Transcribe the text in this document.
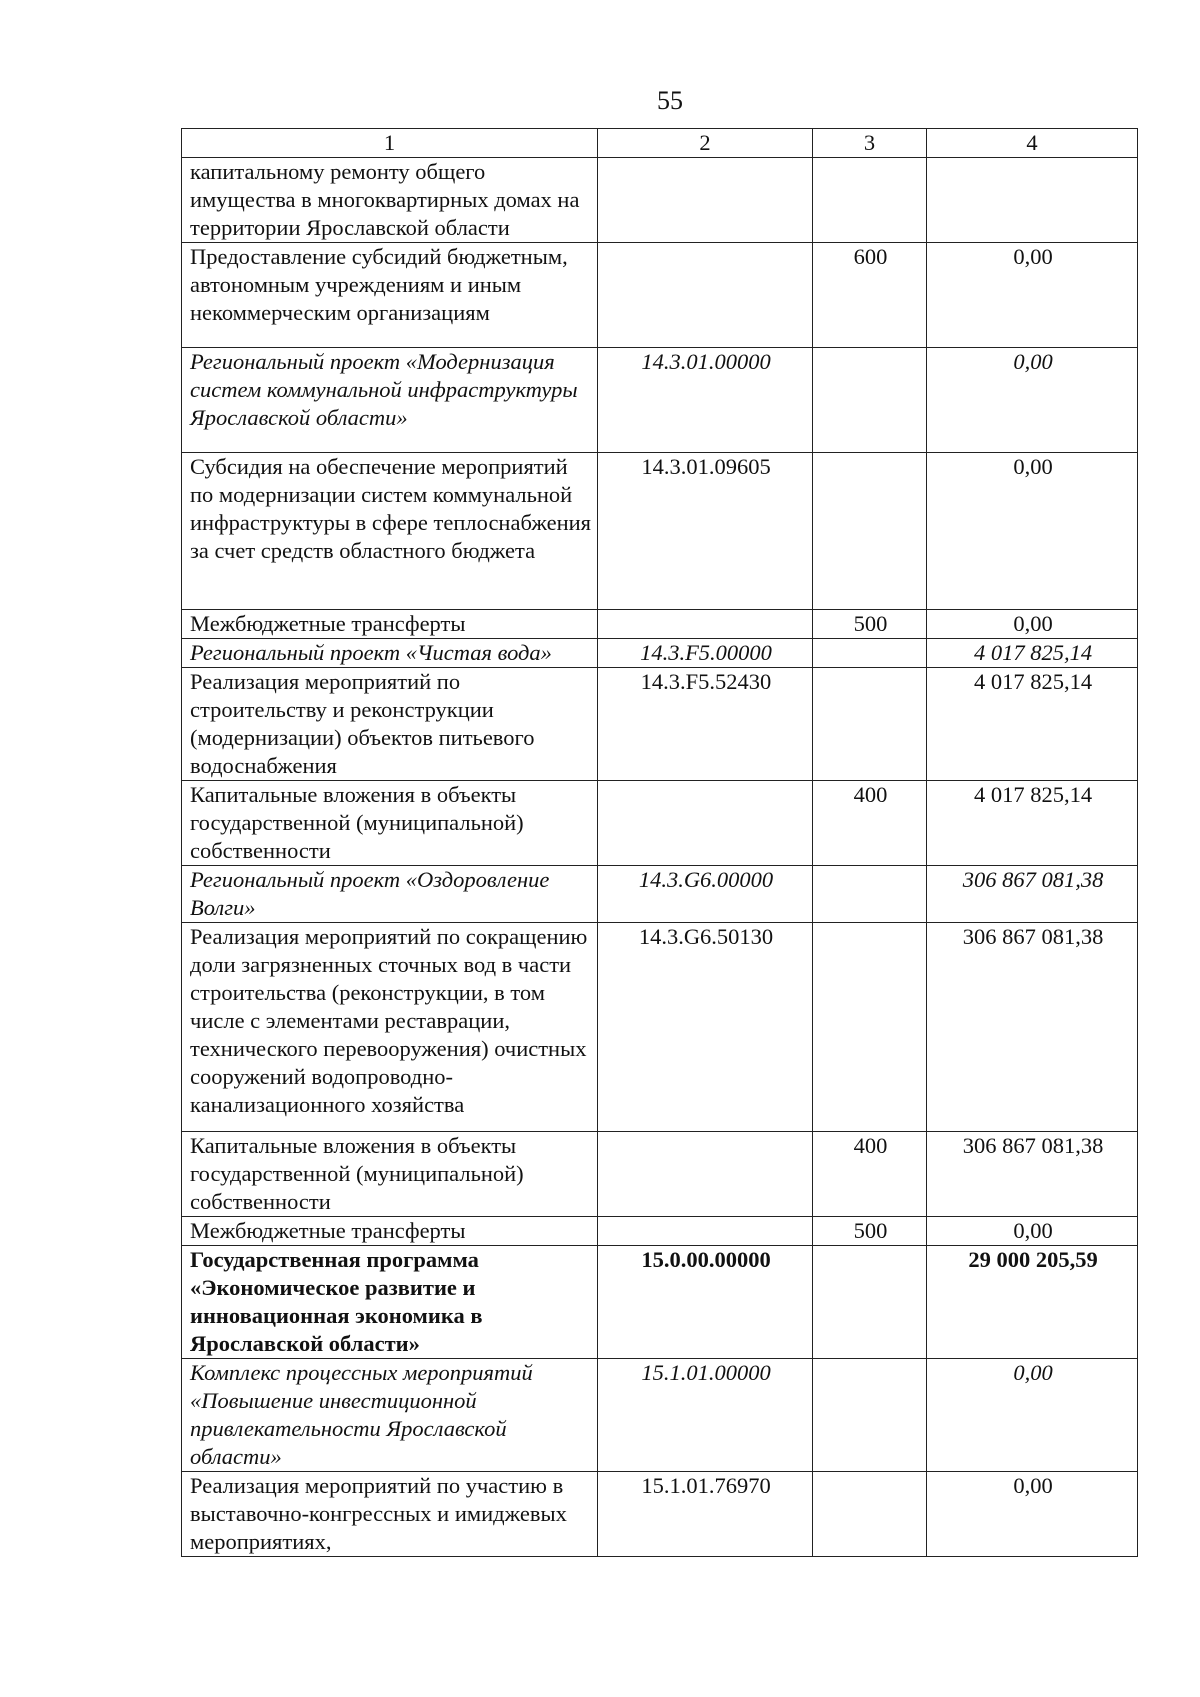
55
1	2	3	4
капитальному ремонту общего имущества в многоквартирных домах на территории Ярославской области			
Предоставление субсидий бюджетным, автономным учреждениям и иным некоммерческим организациям		600	0,00
Региональный проект «Модернизация систем коммунальной инфраструктуры Ярославской области»	14.3.01.00000		0,00
Субсидия на обеспечение мероприятий по модернизации систем коммунальной инфраструктуры в сфере теплоснабжения за счет средств областного бюджета	14.3.01.09605		0,00
Межбюджетные трансферты		500	0,00
Региональный проект «Чистая вода»	14.3.F5.00000		4 017 825,14
Реализация мероприятий по строительству и реконструкции (модернизации) объектов питьевого водоснабжения	14.3.F5.52430		4 017 825,14
Капитальные вложения в объекты государственной (муниципальной) собственности		400	4 017 825,14
Региональный проект «Оздоровление Волги»	14.3.G6.00000		306 867 081,38
Реализация мероприятий по сокращению доли загрязненных сточных вод в части строительства (реконструкции, в том числе с элементами реставрации, технического перевооружения) очистных сооружений водопроводно-канализационного хозяйства	14.3.G6.50130		306 867 081,38
Капитальные вложения в объекты государственной (муниципальной) собственности		400	306 867 081,38
Межбюджетные трансферты		500	0,00
Государственная программа «Экономическое развитие и инновационная экономика в Ярославской области»	15.0.00.00000		29 000 205,59
Комплекс процессных мероприятий «Повышение инвестиционной привлекательности Ярославской области»	15.1.01.00000		0,00
Реализация мероприятий по участию в выставочно-конгрессных и имиджевых мероприятиях,	15.1.01.76970		0,00
